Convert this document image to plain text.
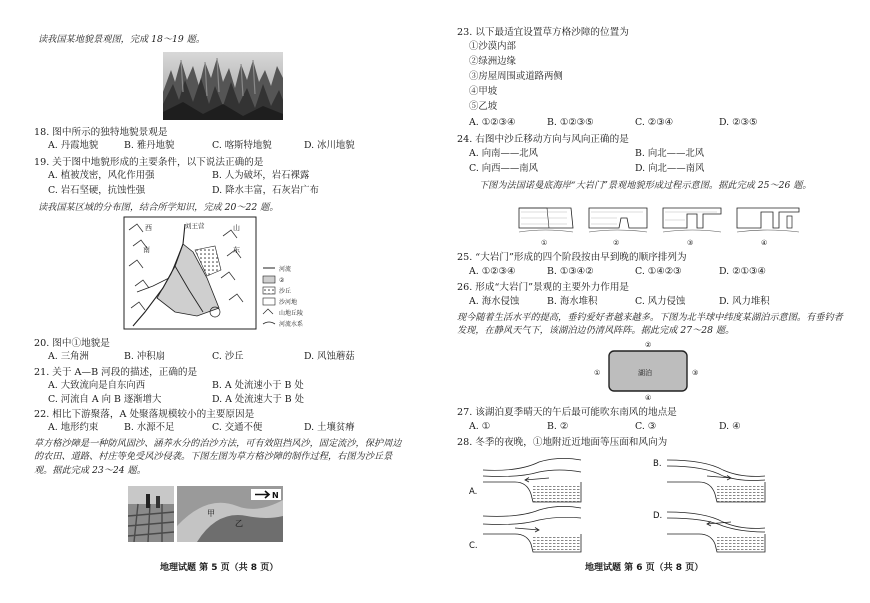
读我国某地貌景观图，完成 18～19 题。
18. 图中所示的独特地貌景观是
A. 丹霞地貌	B. 雅丹地貌	C. 喀斯特地貌	D. 冰川地貌
19. 关于图中地貌形成的主要条件，以下说法正确的是
A. 植被茂密，风化作用强	B. 人为破坏，岩石裸露
C. 岩石坚硬，抗蚀性强	D. 降水丰富，石灰岩广布
读我国某区域的分布图，结合所学知识，完成 20～22 题。
刘王营
西
南	东
山
河流
②
沙丘
沙河地
山地丘陵
河流水系
20. 图中①地貌是
A. 三角洲	B. 冲积扇	C. 沙丘	D. 风蚀蘑菇
21. 关于 A—B 河段的描述，正确的是
A. 大致流向是自东向西	B. A 处流速小于 B 处
C. 河流自 A 向 B 逐渐增大	D. A 处流速大于 B 处
22. 相比下游聚落，A 处聚落规模较小的主要原因是
A. 地形约束	B. 水源不足	C. 交通不便	D. 土壤贫瘠
草方格沙障是一种防风固沙、涵养水分的治沙方法，可有效阻挡风沙，固定流沙，保护周边的农田、道路、村庄等免受风沙侵袭。下图左图为草方格沙障的制作过程，右图为沙丘景观。据此完成 23～24 题。
甲
乙
N
地理试题 第 5 页（共 8 页）
23. 以下最适宜设置草方格沙障的位置为
①沙漠内部
②绿洲边缘
③房屋周围或道路两侧
④甲坡
⑤乙坡
A. ①②③④	B. ①②③⑤	C. ②③④	D. ②③⑤
24. 右图中沙丘移动方向与风向正确的是
A. 向南——北风	B. 向北——北风
C. 向西——南风	D. 向北——南风
下图为法国诺曼底海岸“大岩门”景观地貌形成过程示意图。据此完成 25～26 题。
①	②	③	④
25. “大岩门”形成的四个阶段按由早到晚的顺序排列为
A. ①②③④	B. ①③④②	C. ①④②③	D. ②①③④
26. 形成“大岩门”景观的主要外力作用是
A. 海水侵蚀	B. 海水堆积	C. 风力侵蚀	D. 风力堆积
现今随着生活水平的提高，垂钓爱好者越来越多。下图为北半球中纬度某湖泊示意图。有垂钓者发现，在静风天气下，该湖泊边仍清风阵阵。据此完成 27～28 题。
湖泊
①
②
③
④
27. 该湖泊夏季晴天的午后最可能吹东南风的地点是
A. ①	B. ②	C. ③	D. ④
28. 冬季的夜晚，①地附近近地面等压面和风向为
A.
B.
C.
D.
地理试题 第 6 页（共 8 页）
